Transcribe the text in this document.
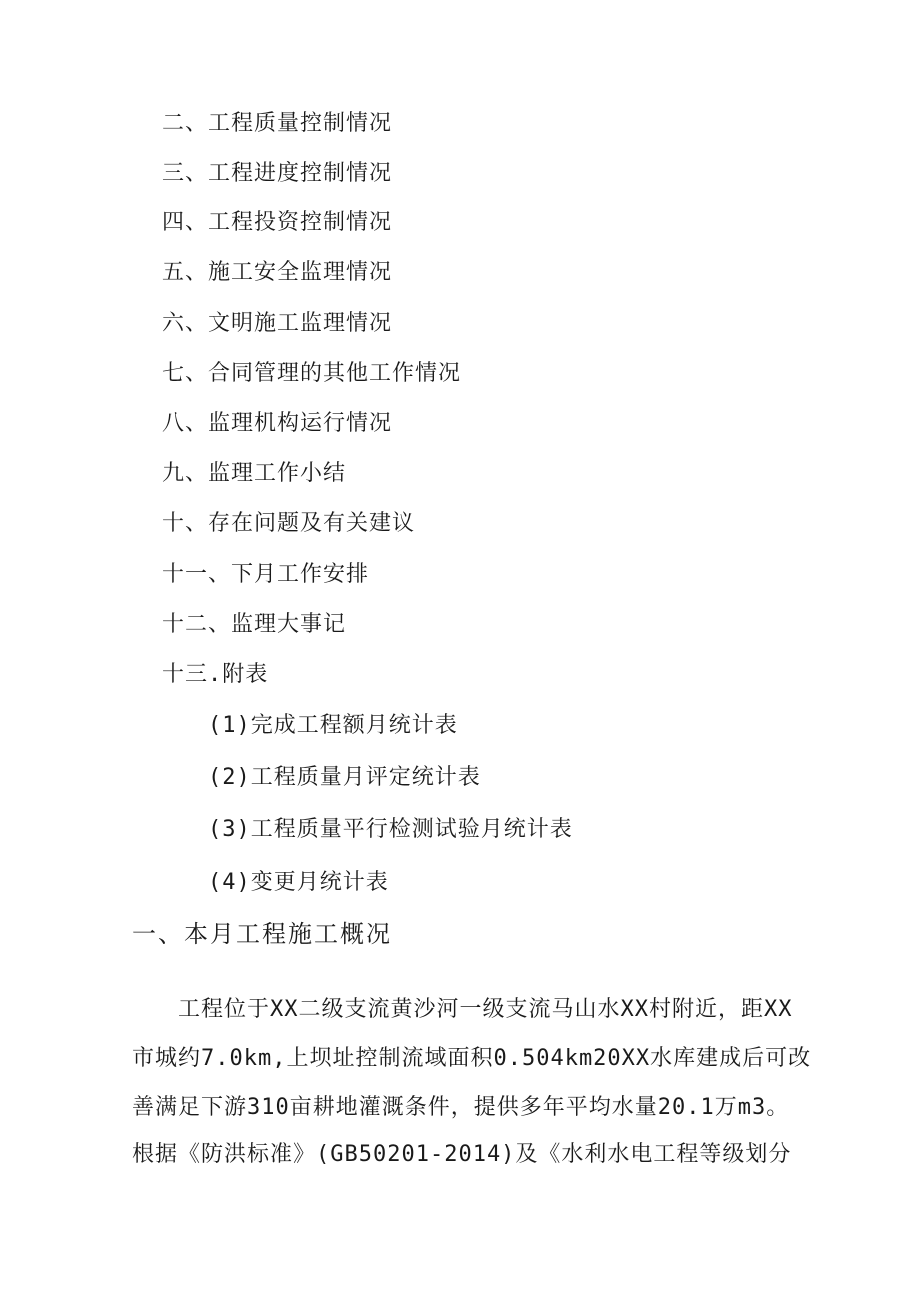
二、工程质量控制情况
三、工程进度控制情况
四、工程投资控制情况
五、施工安全监理情况
六、文明施工监理情况
七、合同管理的其他工作情况
八、监理机构运行情况
九、监理工作小结
十、存在问题及有关建议
十一、下月工作安排
十二、监理大事记
十三.附表
(1)完成工程额月统计表
(2)工程质量月评定统计表
(3)工程质量平行检测试验月统计表
(4)变更月统计表
一、本月工程施工概况
工程位于XX二级支流黄沙河一级支流马山水XX村附近，距XX
市城约7.0km,上坝址控制流域面积0.504km20XX水库建成后可改
善满足下游310亩耕地灌溉条件，提供多年平均水量20.1万m3。
根据《防洪标准》(GB50201-2014)及《水利水电工程等级划分
